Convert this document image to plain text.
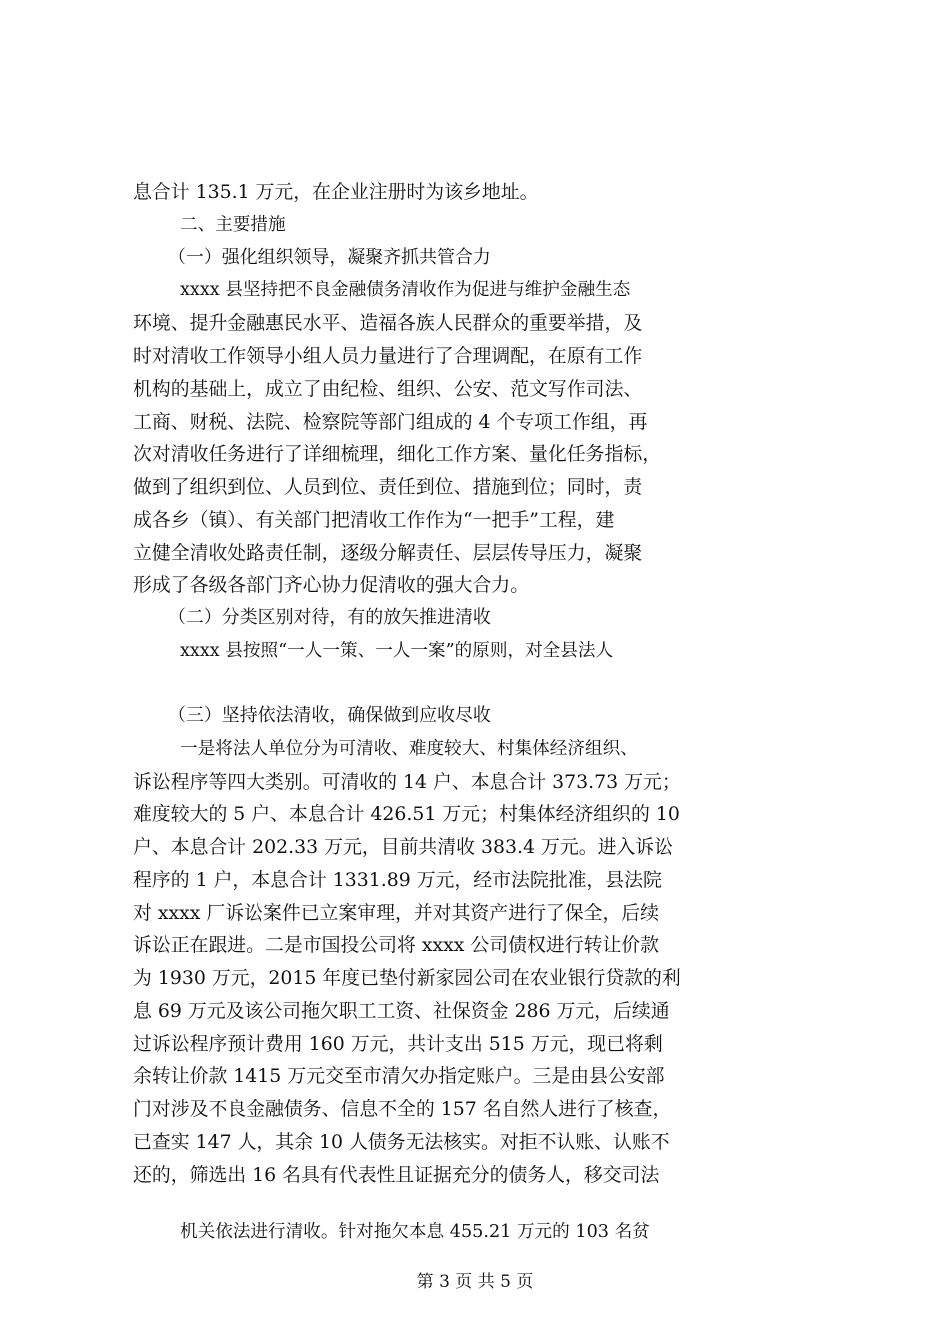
息合计 135.1 万元，在企业注册时为该乡地址。
二、主要措施
（一）强化组织领导，凝聚齐抓共管合力
xxxx 县坚持把不良金融债务清收作为促进与维护金融生态
环境、提升金融惠民水平、造福各族人民群众的重要举措，及
时对清收工作领导小组人员力量进行了合理调配，在原有工作
机构的基础上，成立了由纪检、组织、公安、范文写作司法、
工商、财税、法院、检察院等部门组成的 4 个专项工作组，再
次对清收任务进行了详细梳理，细化工作方案、量化任务指标，
做到了组织到位、人员到位、责任到位、措施到位；同时，责
成各乡（镇）、有关部门把清收工作作为“一把手”工程，建
立健全清收处路责任制，逐级分解责任、层层传导压力，凝聚
形成了各级各部门齐心协力促清收的强大合力。
（二）分类区别对待，有的放矢推进清收
xxxx 县按照“一人一策、一人一案”的原则，对全县法人
（三）坚持依法清收，确保做到应收尽收
一是将法人单位分为可清收、难度较大、村集体经济组织、
诉讼程序等四大类别。可清收的 14 户、本息合计 373.73 万元；
难度较大的 5 户、本息合计 426.51 万元；村集体经济组织的 10
户、本息合计 202.33 万元，目前共清收 383.4 万元。进入诉讼
程序的 1 户，本息合计 1331.89 万元，经市法院批准，县法院
对 xxxx 厂诉讼案件已立案审理，并对其资产进行了保全，后续
诉讼正在跟进。二是市国投公司将 xxxx 公司债权进行转让价款
为 1930 万元，2015 年度已垫付新家园公司在农业银行贷款的利
息 69 万元及该公司拖欠职工工资、社保资金 286 万元，后续通
过诉讼程序预计费用 160 万元，共计支出 515 万元，现已将剩
余转让价款 1415 万元交至市清欠办指定账户。三是由县公安部
门对涉及不良金融债务、信息不全的 157 名自然人进行了核查，
已查实 147 人，其余 10 人债务无法核实。对拒不认账、认账不
还的，筛选出 16 名具有代表性且证据充分的债务人，移交司法
机关依法进行清收。针对拖欠本息 455.21 万元的 103 名贫
第 3 页 共 5 页
